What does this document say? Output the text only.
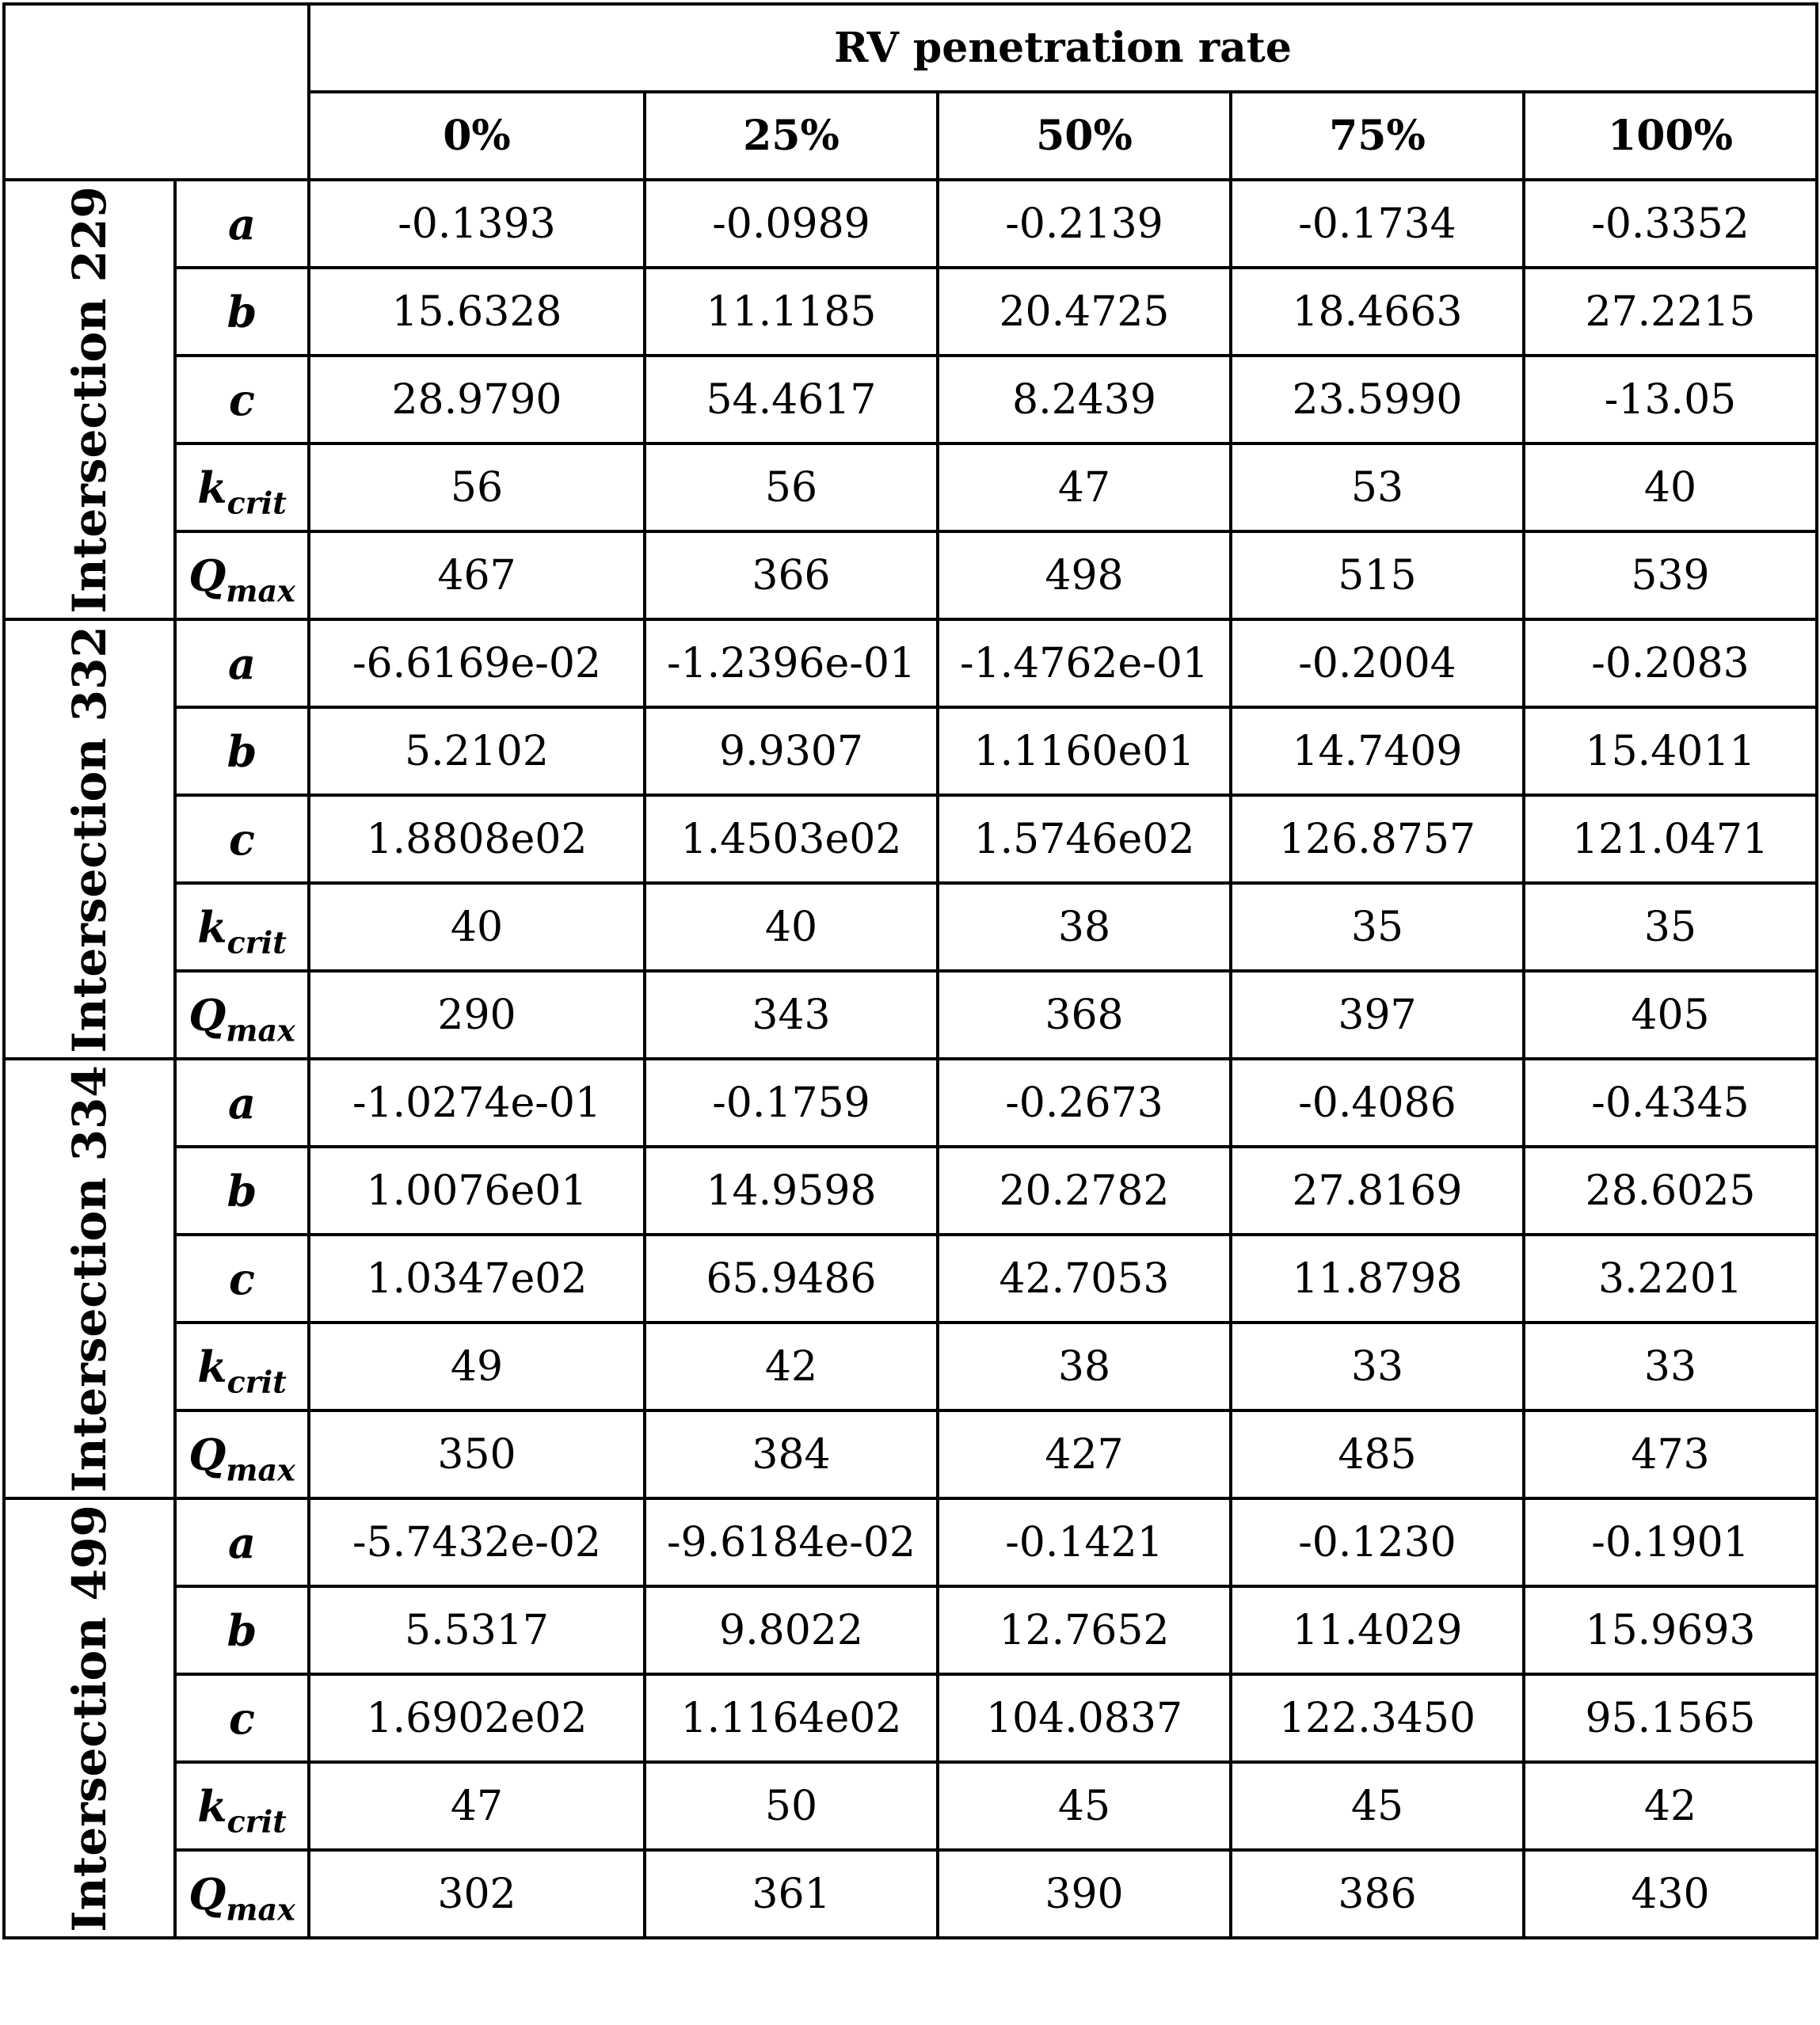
		RV penetration rate				
		0%	25%	50%	75%	100%

Intersection 229	a	-0.1393	-0.0989	-0.2139	-0.1734	-0.3352
	b	15.6328	11.1185	20.4725	18.4663	27.2215
	c	28.9790	54.4617	8.2439	23.5990	-13.05
	$k_{crit}$	56	56	47	53	40
	$Q_{max}$	467	366	498	515	539

Intersection 332	a	-6.6169e-02	-1.2396e-01	-1.4762e-01	-0.2004	-0.2083
	b	5.2102	9.9307	1.1160e01	14.7409	15.4011
	c	1.8808e02	1.4503e02	1.5746e02	126.8757	121.0471
	$k_{crit}$	40	40	38	35	35
	$Q_{max}$	290	343	368	397	405

Intersection 334	a	-1.0274e-01	-0.1759	-0.2673	-0.4086	-0.4345
	b	1.0076e01	14.9598	20.2782	27.8169	28.6025
	c	1.0347e02	65.9486	42.7053	11.8798	3.2201
	$k_{crit}$	49	42	38	33	33
	$Q_{max}$	350	384	427	485	473

Intersection 499	a	-5.7432e-02	-9.6184e-02	-0.1421	-0.1230	-0.1901
	b	5.5317	9.8022	12.7652	11.4029	15.9693
	c	1.6902e02	1.1164e02	104.0837	122.3450	95.1565
	$k_{crit}$	47	50	45	45	42
	$Q_{max}$	302	361	390	386	430
